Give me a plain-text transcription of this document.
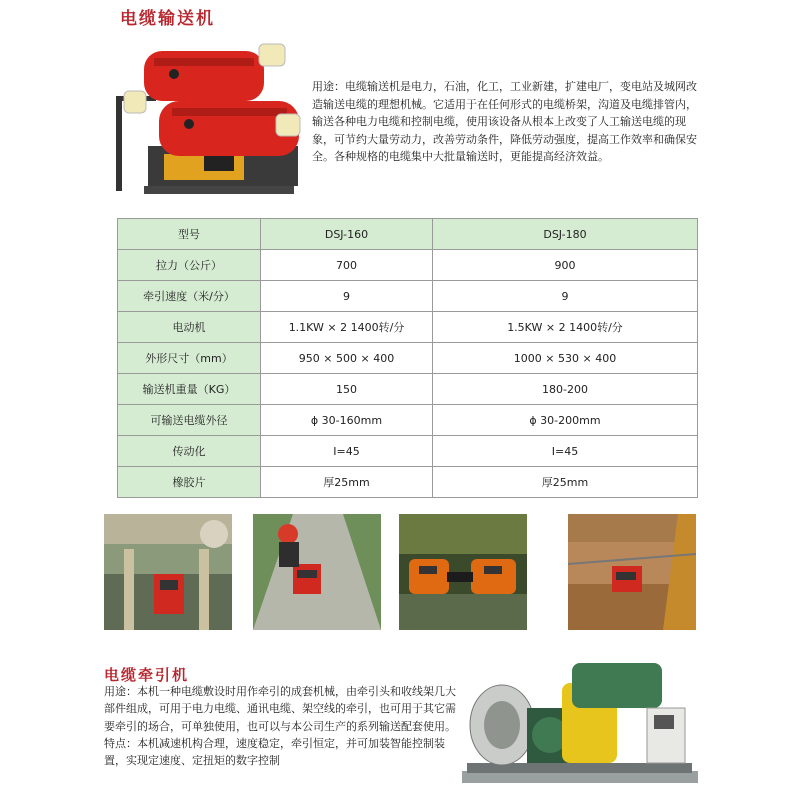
电缆输送机

用途：电缆输送机是电力，石油，化工，工业新建，扩建电厂，变电站及城网改造输送电缆的理想机械。它适用于在任何形式的电缆桥架，沟道及电缆排管内，输送各种电力电缆和控制电缆，使用该设备从根本上改变了人工输送电缆的现象，可节约大量劳动力，改善劳动条件，降低劳动强度，提高工作效率和确保安全。各种规格的电缆集中大批量输送时，更能提高经济效益。

型号	DSJ-160	DSJ-180
拉力（公斤）	700	900
牵引速度（米/分）	9	9
电动机	1.1KW × 2 1400转/分	1.5KW × 2 1400转/分
外形尺寸（mm）	950 × 500 × 400	1000 × 530 × 400
输送机重量（KG）	150	180-200
可输送电缆外径	ϕ 30-160mm	ϕ 30-200mm
传动化	I=45	I=45
橡胶片	厚25mm	厚25mm
电缆牵引机
用途：本机一种电缆敷设时用作牵引的成套机械，由牵引头和收线架几大部件组成，可用于电力电缆、通讯电缆、架空线的牵引，也可用于其它需要牵引的场合，可单独使用，也可以与本公司生产的系列输送配套使用。
特点：本机减速机构合理，速度稳定，牵引恒定，并可加装智能控制装置，实现定速度、定扭矩的数字控制
